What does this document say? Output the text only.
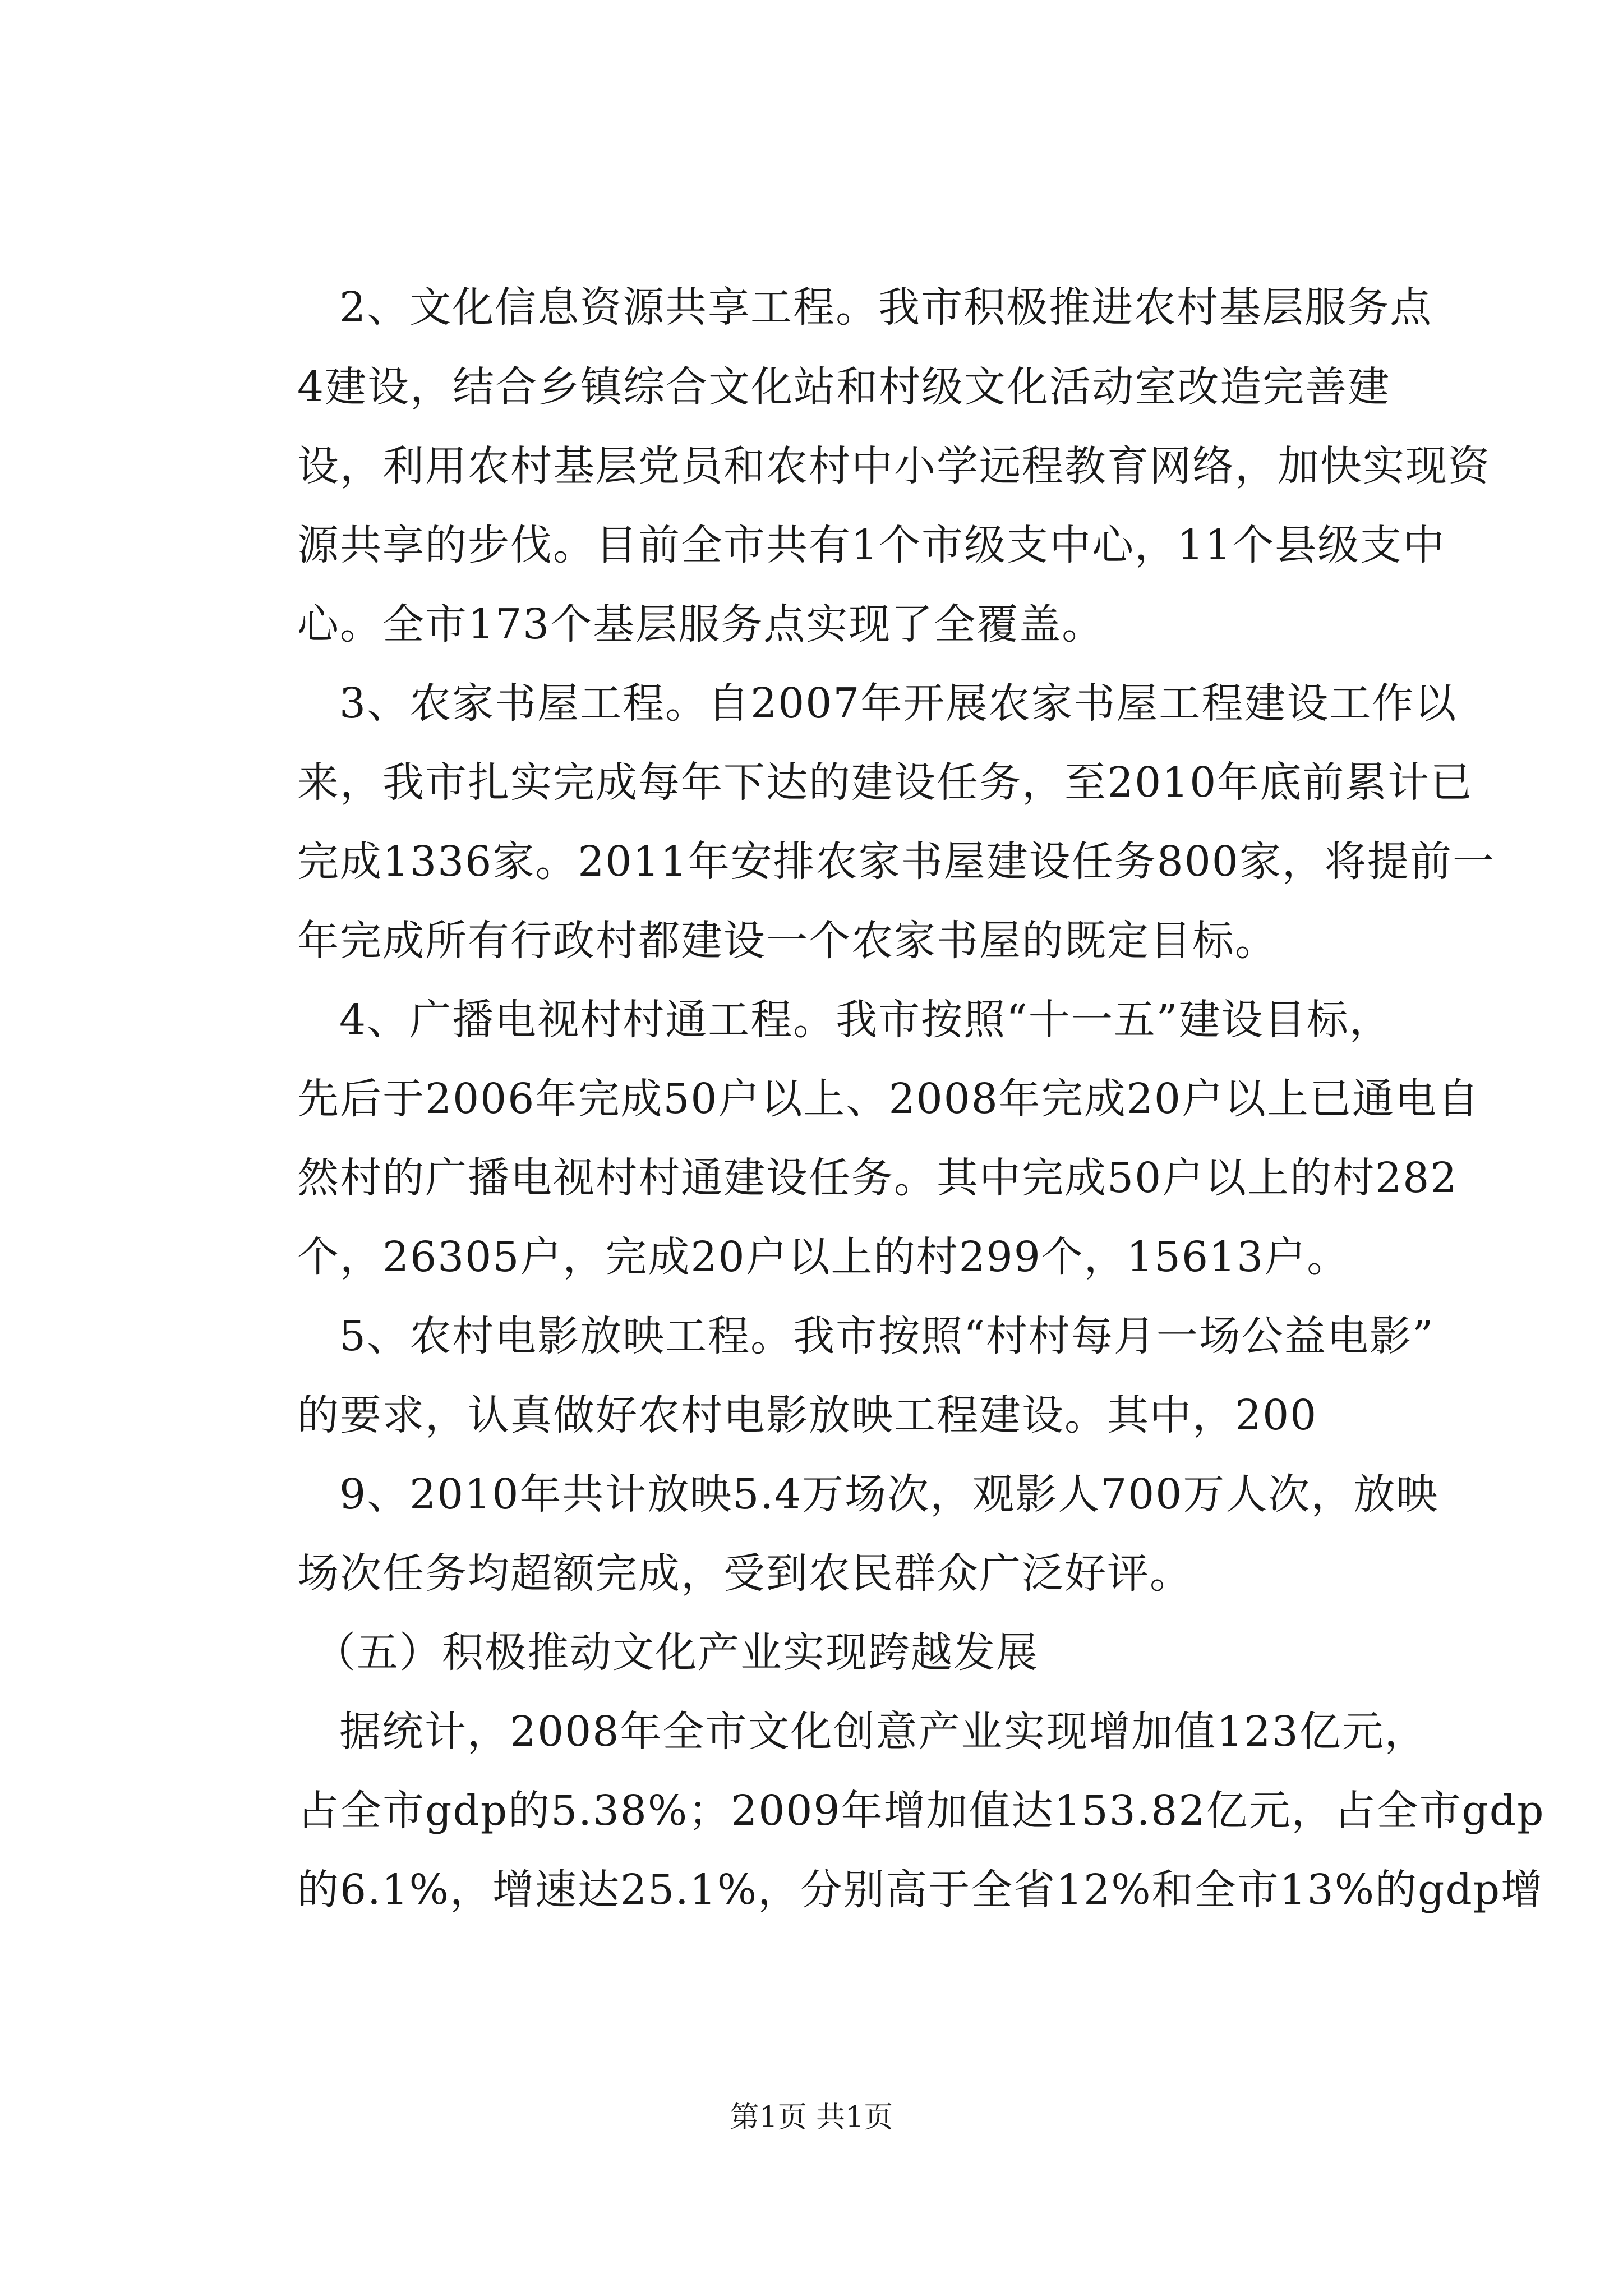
2、文化信息资源共享工程。我市积极推进农村基层服务点
4建设，结合乡镇综合文化站和村级文化活动室改造完善建
设，利用农村基层党员和农村中小学远程教育网络，加快实现资
源共享的步伐。目前全市共有1个市级支中心，11个县级支中
心。全市173个基层服务点实现了全覆盖。
3、农家书屋工程。自2007年开展农家书屋工程建设工作以
来，我市扎实完成每年下达的建设任务，至2010年底前累计已
完成1336家。2011年安排农家书屋建设任务800家，将提前一
年完成所有行政村都建设一个农家书屋的既定目标。
4、广播电视村村通工程。我市按照“十一五”建设目标，
先后于2006年完成50户以上、2008年完成20户以上已通电自
然村的广播电视村村通建设任务。其中完成50户以上的村282
个，26305户，完成20户以上的村299个，15613户。
5、农村电影放映工程。我市按照“村村每月一场公益电影”
的要求，认真做好农村电影放映工程建设。其中，200
9、2010年共计放映5.4万场次，观影人700万人次，放映
场次任务均超额完成，受到农民群众广泛好评。
（五）积极推动文化产业实现跨越发展
据统计，2008年全市文化创意产业实现增加值123亿元，
占全市gdp的5.38%；2009年增加值达153.82亿元，占全市gdp
的6.1%，增速达25.1%，分别高于全省12%和全市13%的gdp增
第1页 共1页
